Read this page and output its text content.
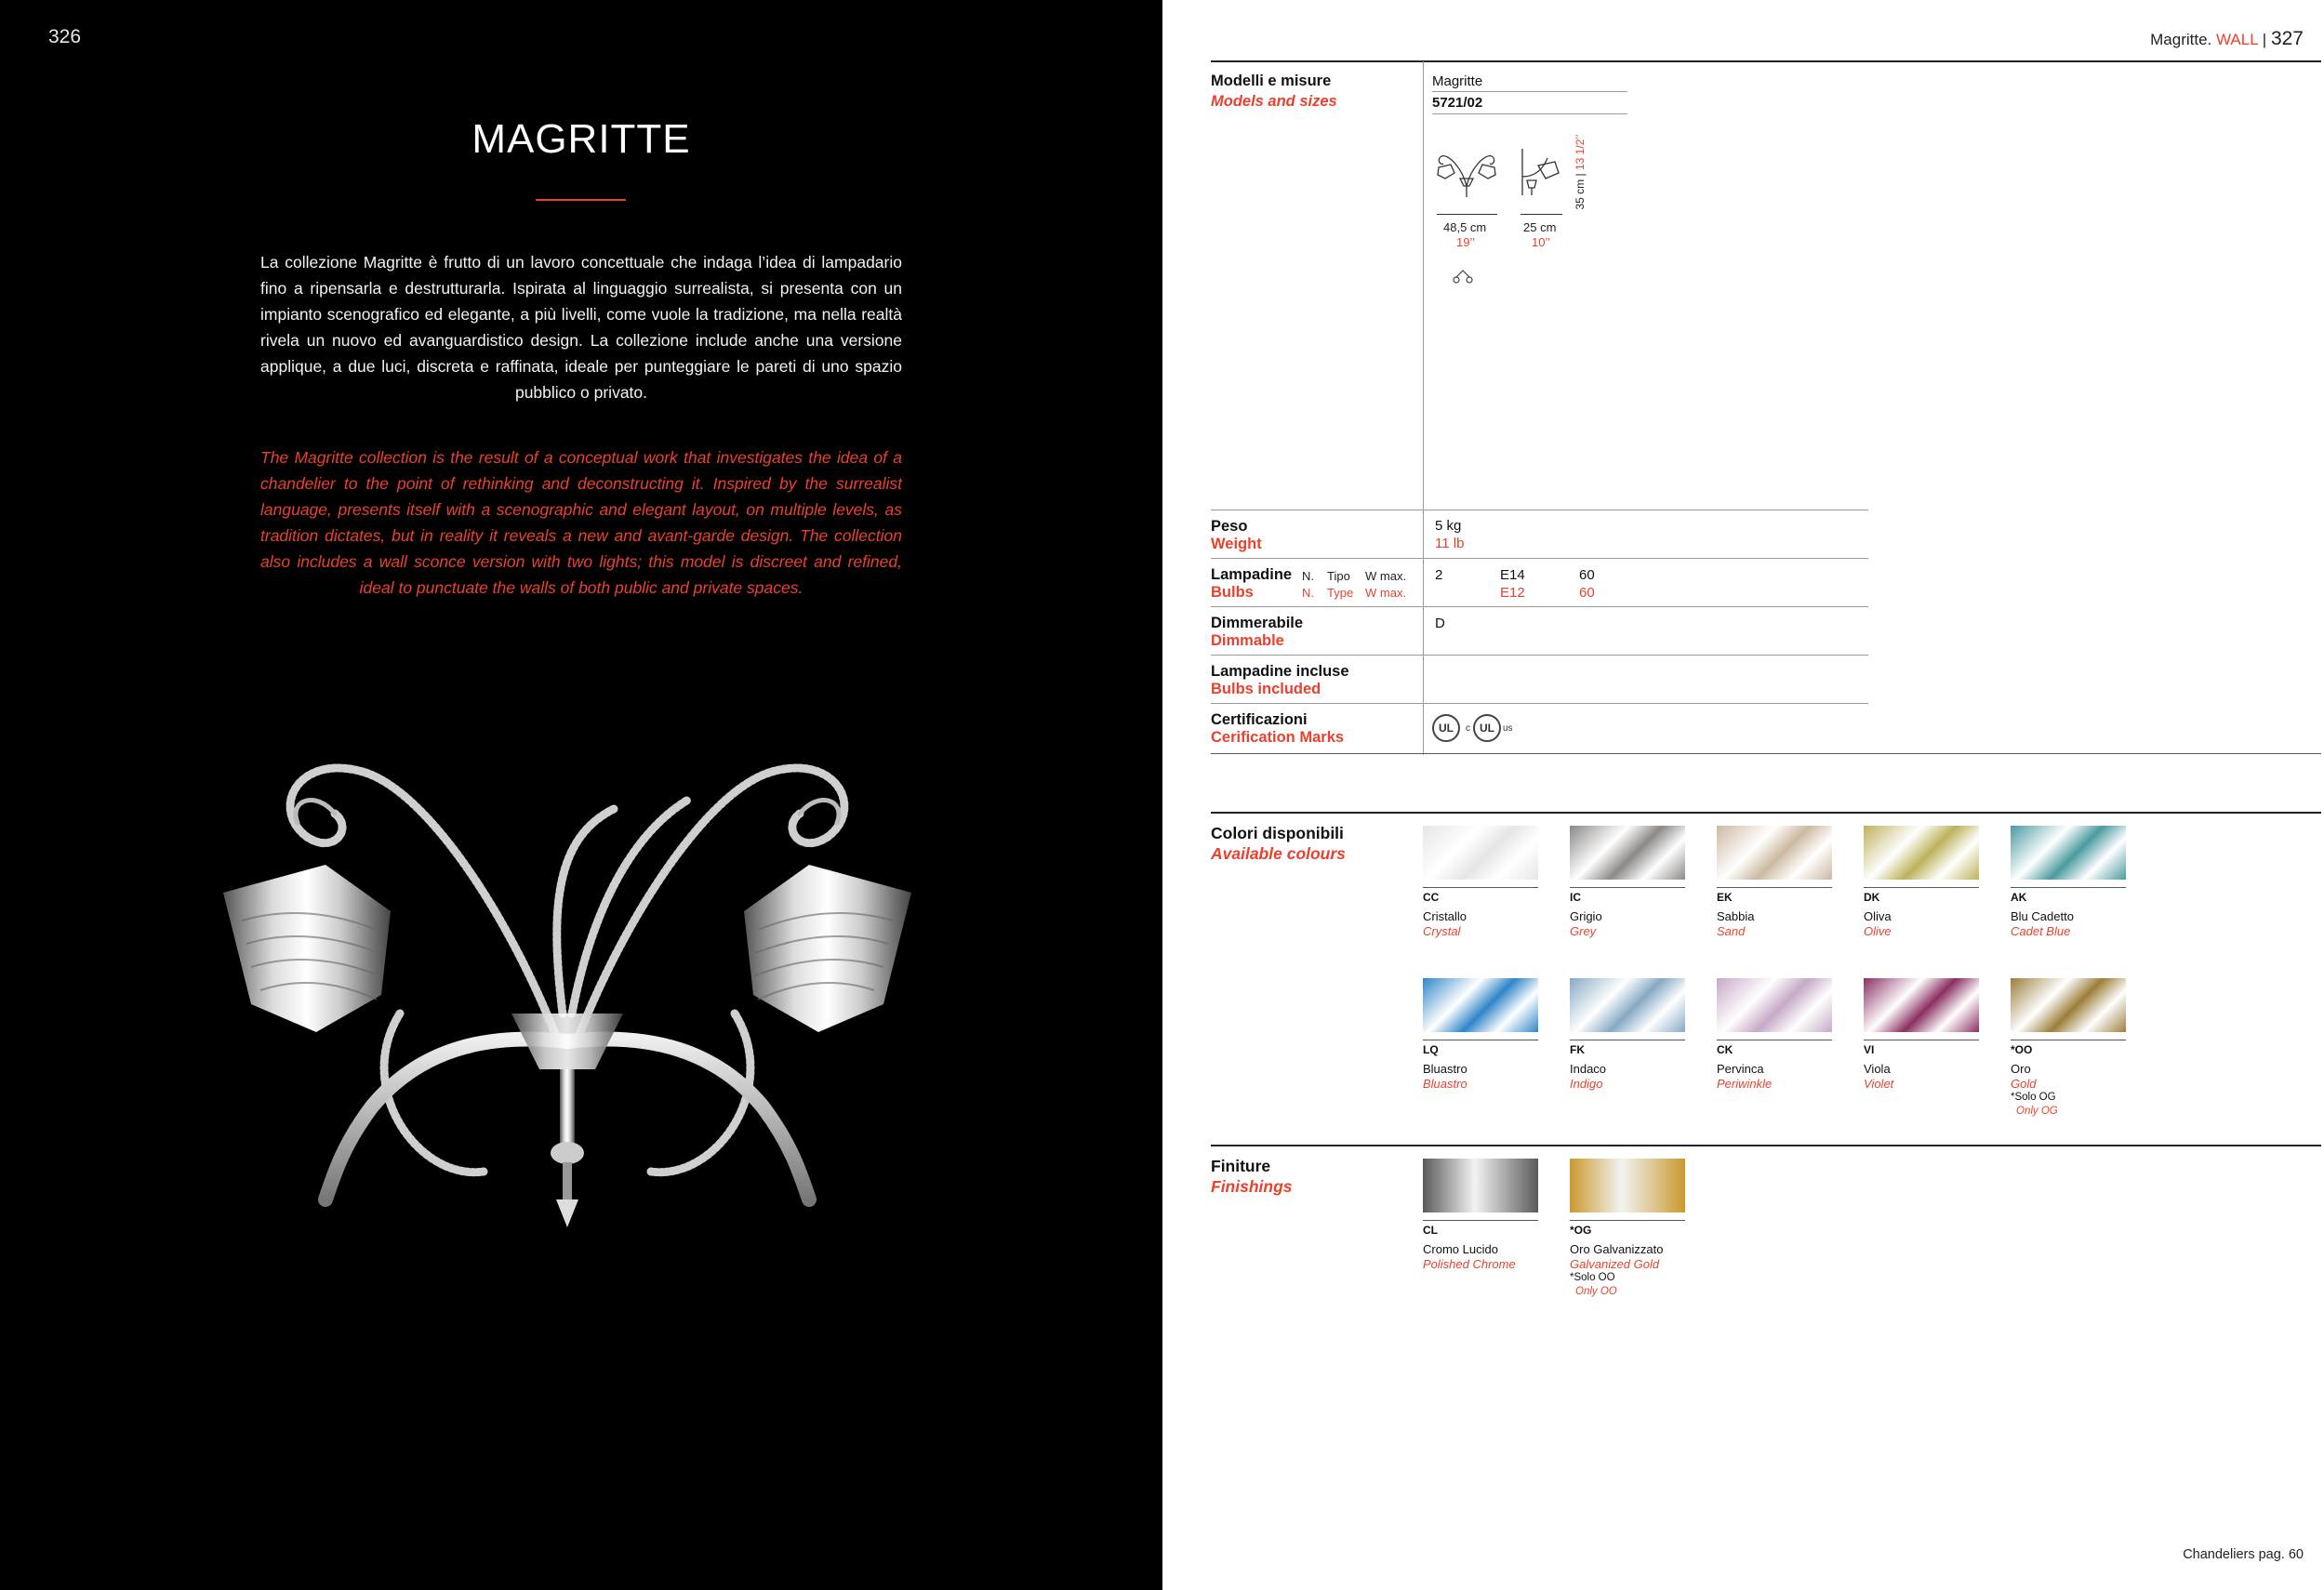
326
MAGRITTE

La collezione Magritte è frutto di un lavoro concettuale che indaga l’idea di lampadario fino a ripensarla e destrutturarla. Ispirata al linguaggio surrealista, si presenta con un impianto scenografico ed elegante, a più livelli, come vuole la tradizione, ma nella realtà rivela un nuovo ed avanguardistico design. La collezione include anche una versione applique, a due luci, discreta e raffinata, ideale per punteggiare le pareti di uno spazio pubblico o privato.

The Magritte collection is the result of a conceptual work that investigates the idea of a chandelier to the point of rethinking and deconstructing it. Inspired by the surrealist language, presents itself with a scenographic and elegant layout, on multiple levels, as tradition dictates, but in reality it reveals a new and avant-garde design. The collection also includes a wall sconce version with two lights; this model is discreet and refined, ideal to punctuate the walls of both public and private spaces.

Magritte. WALL | 327
Modelli e misure
Models and sizes
Magritte
5721/02
48,5 cm
19’’
25 cm
10’’
35 cm | 13 1/2’’
Peso
Weight
5 kg
11 lb
Lampadine
Bulbs
N. Tipo W max.
N. Type W max.
2	E14
E12
60
60
Dimmerabile
Dimmable
D
Lampadine incluse
Bulbs included
Certificazioni
Cerification Marks
UL	c UL us
Colori disponibili
Available colours
CC
Cristallo
Crystal
IC
Grigio
Grey
EK
Sabbia
Sand
DK
Oliva
Olive
AK
Blu Cadetto
Cadet Blue
LQ
Bluastro
Bluastro
FK
Indaco
Indigo
CK
Pervinca
Periwinkle
VI
Viola
Violet
*OO
Oro
Gold
*Solo OG
Only OG
Finiture
Finishings
CL
Cromo Lucido
Polished Chrome
*OG
Oro Galvanizzato
Galvanized Gold
*Solo OO
Only OO
Chandeliers pag. 60
